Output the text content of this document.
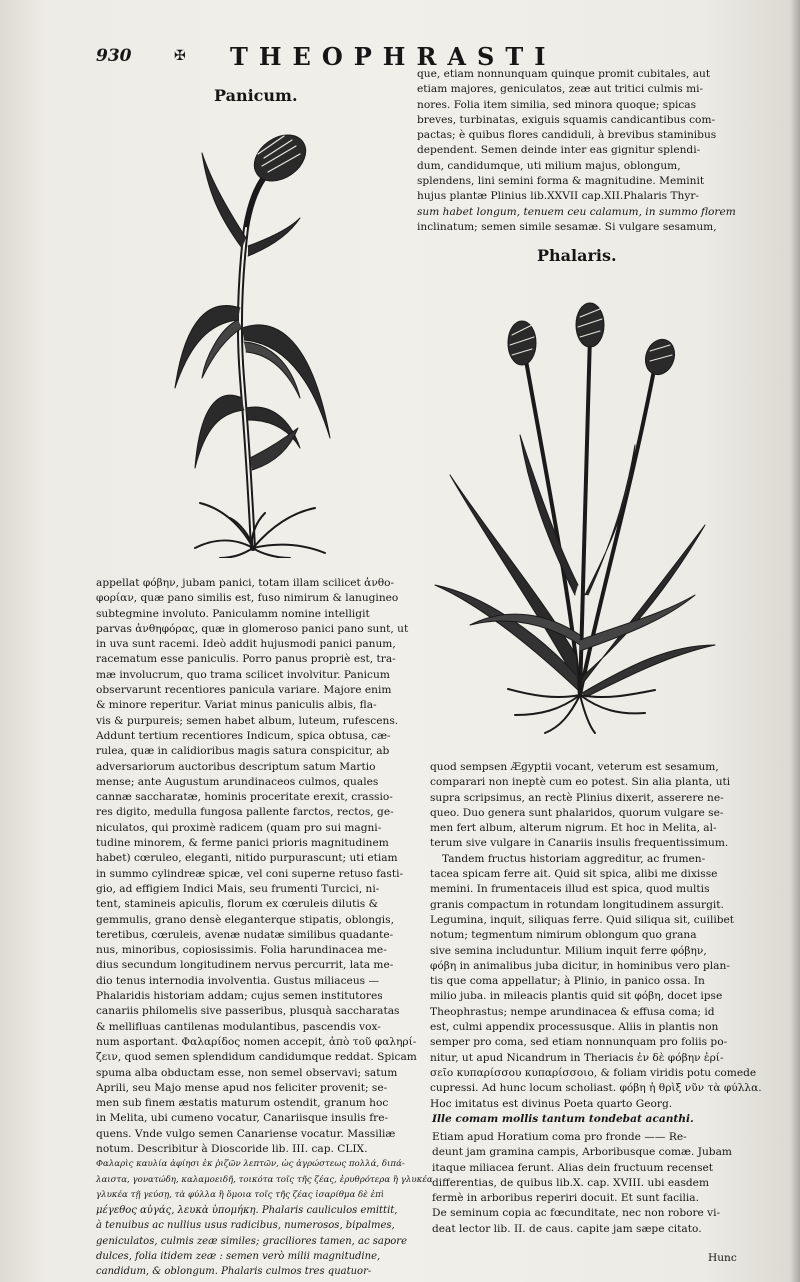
930	✠ THEOPHRASTI
Panicum.
Phalaris.
que, etiam nonnunquam quinque promit cubitales, aut
etiam majores, geniculatos, zeæ aut tritici culmis mi-
nores. Folia item similia, sed minora quoque; spicas
breves, turbinatas, exiguis squamis candicantibus com-
pactas; è quibus flores candiduli, à brevibus staminibus
dependent. Semen deinde inter eas gignitur splendi-
dum, candidumque, uti milium majus, oblongum,
splendens, lini semini forma & magnitudine. Meminit
hujus plantæ Plinius lib.XXVII cap.XII.Phalaris Thyr-
sum habet longum, tenuem ceu calamum, in summo florem
inclinatum; semen simile sesamæ. Si vulgare sesamum,
appellat φόβην, jubam panici, totam illam scilicet ἀνθο-
φορίαν, quæ pano similis est, fuso nimirum & lanugineo
subtegmine involuto. Paniculamm nomine intelligit
parvas ἀνθηφόρας, quæ in glomeroso panici pano sunt, ut
in uva sunt racemi. Ideò addit hujusmodi panici panum,
racematum esse paniculis. Porro panus propriè est, tra-
mæ involucrum, quo trama scilicet involvitur. Panicum
observarunt recentiores panicula variare. Majore enim
& minore reperitur. Variat minus paniculis albis, fla-
vis & purpureis; semen habet album, luteum, rufescens.
Addunt tertium recentiores Indicum, spica obtusa, cæ-
rulea, quæ in calidioribus magis satura conspicitur, ab
adversariorum auctoribus descriptum satum Martio
mense; ante Augustum arundinaceos culmos, quales
cannæ saccharatæ, hominis proceritate erexit, crassio-
res digito, medulla fungosa pallente farctos, rectos, ge-
niculatos, qui proximè radicem (quam pro sui magni-
tudine minorem, & ferme panici prioris magnitudinem
habet) cœruleo, eleganti, nitido purpurascunt; uti etiam
in summo cylindreæ spicæ, vel coni superne retuso fasti-
gio, ad effigiem Indici Mais, seu frumenti Turcici, ni-
tent, stamineis apiculis, florum ex cœruleis dilutis &
gemmulis, grano densè eleganterque stipatis, oblongis,
teretibus, cœruleis, avenæ nudatæ similibus quadante-
nus, minoribus, copiosissimis. Folia harundinacea me-
dius secundum longitudinem nervus percurrit, lata me-
dio tenus internodia involventia. Gustus miliaceus —
Phalaridis historiam addam; cujus semen institutores
canariis philomelis sive passeribus, plusquà saccharatas
& mellifluas cantilenas modulantibus, pascendis vox-
num asportant. Φαλαρίδος nomen accepit, ἀπὸ τοῦ φαληρί-
ζειν, quod semen splendidum candidumque reddat. Spicam
spuma alba obductam esse, non semel observavi; satum
Aprili, seu Majo mense apud nos feliciter provenit; se-
men sub finem æstatis maturum ostendit, granum hoc
in Melita, ubi cumeno vocatur, Canariisque insulis fre-
quens. Vnde vulgo semen Canariense vocatur. Massiliæ
notum. Describitur à Dioscoride lib. III. cap. CLIX.
Φαλαρὶς καυλία ἀφίησι ἐκ ῥιζῶν λεπτῶν, ὡς ἀγρώστεως πολλά, διπά-
λαιστα, γονατώδη, καλαμοειδῆ, τοικότα τοῖς τῆς ζέας, ἐρυθρότερα ἢ γλυκέα
γλυκέα τῇ γεύσῃ, τὰ φύλλα ἢ ὅμοια τοῖς τῆς ζέας ἰσαρίθμα δὲ ἐπὶ
μέγεθος αὐγάς, λευκὰ ὑπομήκη. Phalaris cauliculos emittit,
à tenuibus ac nullius usus radicibus, numerosos, bipalmes,
geniculatos, culmis zeæ similes; graciliores tamen, ac sapore
dulces, folia itidem zeæ : semen verò milii magnitudine,
candidum, & oblongum. Phalaris culmos tres quatuor-
quod sempsen Ægyptii vocant, veterum est sesamum,
comparari non ineptè cum eo potest. Sin alia planta, uti
supra scripsimus, an rectè Plinius dixerit, asserere ne-
queo. Duo genera sunt phalaridos, quorum vulgare se-
men fert album, alterum nigrum. Et hoc in Melita, al-
terum sive vulgare in Canariis insulis frequentissimum.
Tandem fructus historiam aggreditur, ac frumen-
tacea spicam ferre ait. Quid sit spica, alibi me dixisse
memini. In frumentaceis illud est spica, quod multis
granis compactum in rotundam longitudinem assurgit.
Legumina, inquit, siliquas ferre. Quid siliqua sit, cuilibet
notum; tegmentum nimirum oblongum quo grana
sive semina includuntur. Milium inquit ferre φόβην,
φόβη in animalibus juba dicitur, in hominibus vero plan-
tis que coma appellatur; à Plinio, in panico ossa. In
milio juba. in mileacis plantis quid sit φόβη, docet ipse
Theophrastus; nempe arundinacea & effusa coma; id
est, culmi appendix processusque. Aliis in plantis non
semper pro coma, sed etiam nonnunquam pro foliis po-
nitur, ut apud Nicandrum in Theriacis ἐν δὲ φόβην ἐρί-
σεῖο κυπαρίσσου κυπαρίσσοιο, & foliam viridis potu comede
cupressi. Ad hunc locum scholiast. φόβη ἡ θρὶξ νῦν τὰ φύλλα.
Hoc imitatus est divinus Poeta quarto Georg.
Ille comam mollis tantum tondebat acanthi.
Etiam apud Horatium coma pro fronde —— Re-
deunt jam gramina campis, Arboribusque comæ. Jubam
itaque miliacea ferunt. Alias dein fructuum recenset
differentias, de quibus lib.X. cap. XVIII. ubi easdem
fermè in arboribus reperiri docuit. Et sunt facilia.
De seminum copia ac fœcunditate, nec non robore vi-
deat lector lib. II. de caus. capite jam sæpe citato.
Hunc
